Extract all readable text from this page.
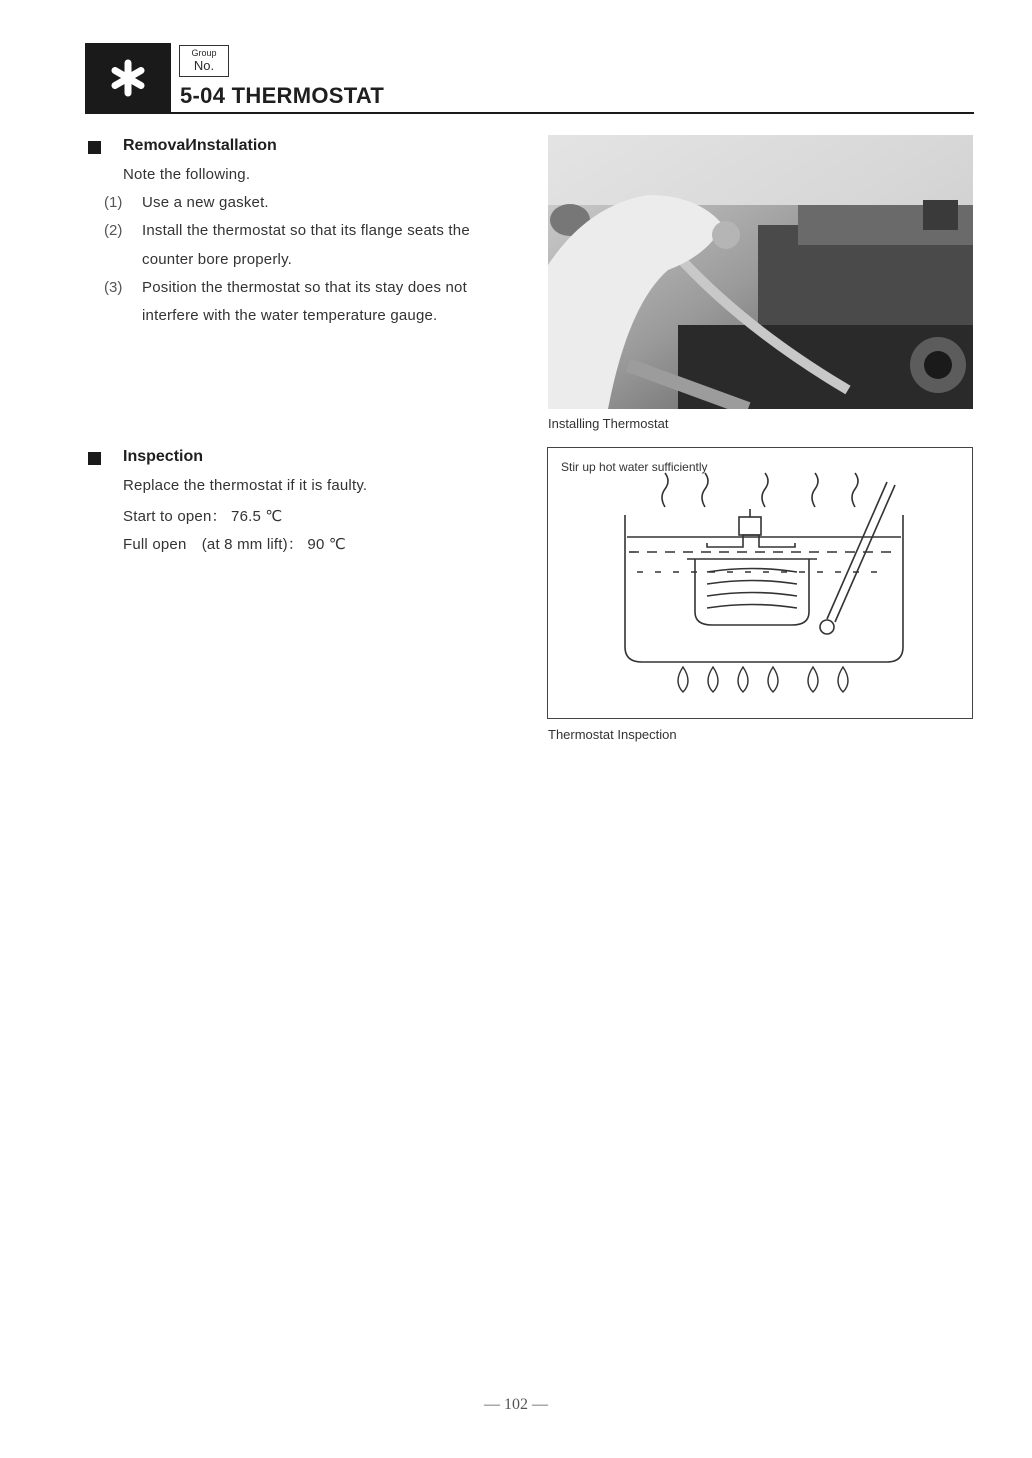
Group
No.
5-04 THERMOSTAT
Removal∕Installation
Note the following.
(1) Use a new gasket.
(2) Install the thermostat so that its flange seats the
counter bore properly.
(3) Position the thermostat so that its stay does not
interfere with the water temperature gauge.
Inspection
Replace the thermostat if it is faulty.
Start to open： 76.5 ℃
Full open　(at 8 mm lift)： 90 ℃
Installing Thermostat
Stir up hot water sufficiently
Thermostat Inspection
— 102 —
